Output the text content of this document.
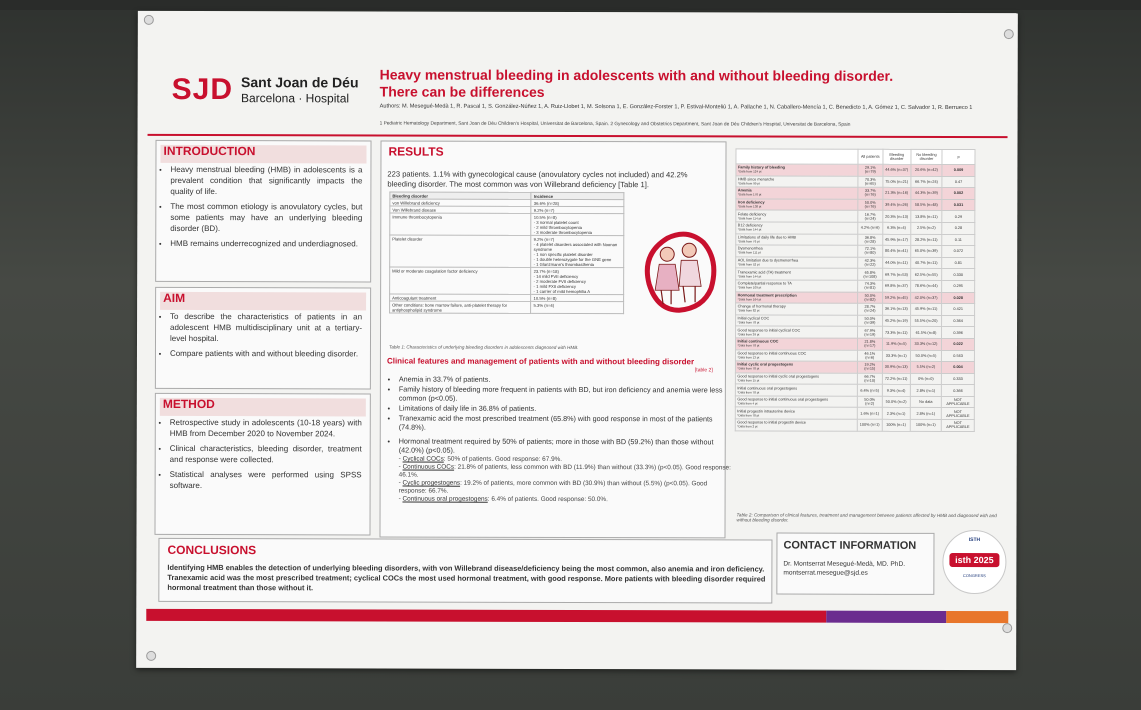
SJD Sant Joan de Déu
Barcelona · Hospital
Heavy menstrual bleeding in adolescents with and without bleeding disorder.
There can be differences
Authors: M. Mesegué-Medà 1, R. Pascal 1, S. González-Núñez 1, A. Ruiz-Llobet 1, M. Solsona 1, E. González-Forster 1, P. Estival-Monteliú 1, A. Pallache 1, N. Caballero-Mencía 1, C. Benedicto 1, A. Gómez 1, C. Salvador 1, R. Berrueco 1
1 Pediatric Hematology Department, Sant Joan de Déu Children's Hospital, Universitat de Barcelona, Spain. 2 Gynecology and Obstetrics Department, Sant Joan de Déu Children's Hospital, Universitat de Barcelona, Spain
INTRODUCTION
• Heavy menstrual bleeding (HMB) in adolescents is a prevalent condition that significantly impacts the quality of life.
• The most common etiology is anovulatory cycles, but some patients may have an underlying bleeding disorder (BD).
• HMB remains underrecognized and underdiagnosed.
AIM
• To describe the characteristics of patients in an adolescent HMB multidisciplinary unit at a tertiary-level hospital.
• Compare patients with and without bleeding disorder.
METHOD
• Retrospective study in adolescents (10-18 years) with HMB from December 2020 to November 2024.
• Clinical characteristics, bleeding disorder, treatment and response were collected.
• Statistical analyses were performed using SPSS software.
RESULTS
223 patients. 1.1% with gynecological cause (anovulatory cycles not included) and 42.2% bleeding disorder. The most common was von Willebrand deficiency [Table 1].
Bleeding disorder	Incidence
von Willebrand deficiency	36.6% (n=28)
Von Willebrand disease	9.2% (n=7)
Immune thrombocytopenia	10.5% (n=8)
- 3 normal platelet count
- 2 mild thrombocytopenia
- 3 moderate thrombocytopenia
Platelet disorder	9.2% (n=7)
- 4 platelet disorders associated with Noonan syndrome
- 1 non specific platelet disorder
- 1 double heterozygote for the GNE gene
- 1 Glanzmann's thrombasthenia
Mild or moderate coagulation factor deficiency	23.7% (n=18)
- 14 mild FVII deficiency
- 2 moderate FVII deficiency
- 1 mild FXII deficiency
- 1 carrier of mild hemophilia A
Anticoagulant treatment	10.5% (n=8)
Other conditions: bone marrow failure, anti-platelet therapy for antiphospholipid syndrome	5.3% (n=4)
Table 1: Characteristics of underlying bleeding disorders in adolescents diagnosed with HMB.
Clinical features and management of patients with and without bleeding disorder
[table 2]
• Anemia in 33.7% of patients.
• Family history of bleeding more frequent in patients with BD, but iron deficiency and anemia were less common (p<0.05).
• Limitations of daily life in 36.8% of patients.
• Tranexamic acid the most prescribed treatment (65.8%) with good response in most of the patients (74.8%).
• Hormonal treatment required by 50% of patients; more in those with BD (59.2%) than those without (42.0%) (p<0.05).
- Cyclical COCs: 50% of patients. Good response: 67.9%.
- Continuous COCs: 21.8% of patients, less common with BD (11.9%) than without (33.3%) (p<0.05). Good response: 46.1%.
- Cyclic progestogens: 19.2% of patients, more common with BD (30.9%) than without (5.5%) (p<0.05). Good response: 66.7%.
- Continuous oral progestogens: 6.4% of patients. Good response: 50.0%.
	All patients	Bleeding disorder	No bleeding disorder	p
Family history of bleeding
*Data from 124 pt	29.1% (n=79)	44.6% (n=37)	20.6% (n=42)	0.009
HMB since menarche
*Data from 99 pt	70.3% (n=65)	75.0% (n=21)	66.7% (n=24)	0.47
Anemia
*Data from 176 pt	33.7% (n=76)	21.3% (n=16)	44.3% (n=39)	0.002
Iron deficiency
*Data from 138 pt	50.0% (n=76)	39.4% (n=26)	58.5% (n=48)	0.031
Folate deficiency
*Data from 114 pt	16.7% (n=24)	20.3% (n=13)	13.8% (n=11)	0.29
B12 deficiency
*Data from 144 pt	4.2% (n=6)	6.3% (n=4)	2.5% (n=2)	0.28
Limitations of daily life due to HMB
*Data from 76 pt	36.8% (n=28)	45.9% (n=17)	28.2% (n=11)	0.11
Dysmenorrhea
*Data from 111 pt	72.1% (n=80)	80.4% (n=41)	65.0% (n=39)	0.072
AOL limitation due to dysmenorrhea
*Data from 52 pt	42.3% (n=22)	44.0% (n=11)	40.7% (n=11)	0.81
Tranexamic acid (TA) treatment
*Data from 144 pt	65.8% (n=108)	69.7% (n=53)	62.5% (n=55)	0.330
Complete/partial response to TA
*Data from 109 pt	74.3% (n=81)	69.8% (n=37)	78.6% (n=44)	0.295
Hormonal treatment prescription
*Data from 164 pt	50.0% (n=82)	59.2% (n=45)	42.0% (n=37)	0.028
Change of hormonal therapy
*Data from 82 pt	28.7% (n=24)	36.1% (n=13)	45.9% (n=11)	0.421
Initial cyclical COC
*Data from 78 pt	50.0% (n=39)	45.2% (n=19)	55.5% (n=20)	0.364
Good response to initial cyclical COC
*Data from 39 pt	67.9% (n=19)	73.3% (n=11)	61.5% (n=8)	0.396
Initial continuous COC
*Data from 78 pt	21.8% (n=17)	11.9% (n=5)	33.3% (n=12)	0.022
Good response to initial continuous COC
*Data from 13 pt	46.1% (n=6)	33.3% (n=1)	50.0% (n=5)	0.563
Initial cyclic oral progestogens
*Data from 78 pt	19.2% (n=15)	30.9% (n=13)	5.5% (n=2)	0.004
Good response to initial cyclic oral progestogens
*Data from 15 pt	66.7% (n=10)	72.2% (n=11)	0% (n=0)	0.333
Initial continuous oral progestogens
*Data from 78 pt	6.4% (n=5)	9.3% (n=4)	2.8% (n=1)	0.366
Good response to initial continuous oral progestogens
*Data from 4 pt	50.0% (n=2)	50.0% (n=2)	No data	NOT APPLICABLE
Initial progestin intrauterine device
*Data from 78 pt	1.6% (n=1)	2.3% (n=1)	2.8% (n=1)	NOT APPLICABLE
Good response to initial progestin device
*Data from 2 pt	100% (n=1)	100% (n=1)	100% (n=1)	NOT APPLICABLE
Table 2: Comparison of clinical features, treatment and management between patients affected by HMB and diagnosed with and without bleeding disorder.
CONCLUSIONS
Identifying HMB enables the detection of underlying bleeding disorders, with von Willebrand disease/deficiency being the most common, also anemia and iron deficiency. Tranexamic acid was the most prescribed treatment; cyclical COCs the most used hormonal treatment, with good response. More patients with bleeding disorder required hormonal treatment than those without it.
CONTACT INFORMATION
Dr. Montserrat Mesegué-Medà, MD. PhD.
montserrat.mesegue@sjd.es
ISTH
isth 2025
CONGRESS
